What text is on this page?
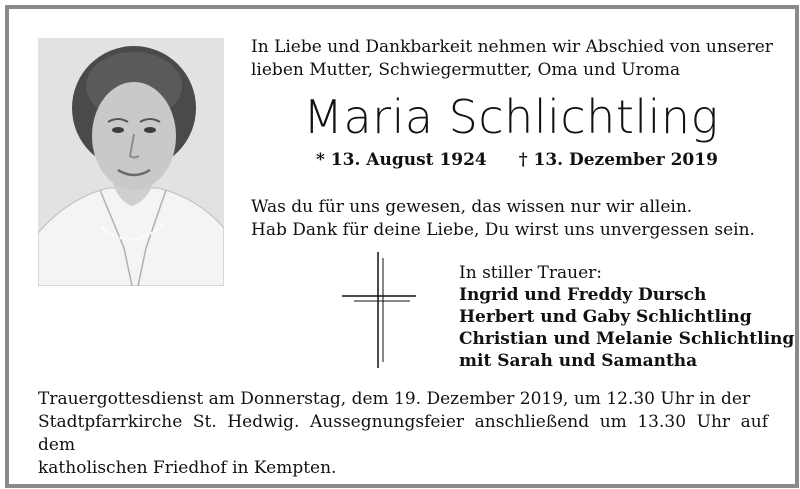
In Liebe und Dankbarkeit nehmen wir Abschied von unserer
lieben Mutter, Schwiegermutter, Oma und Uroma
Maria Schlichtling
* 13. August 1924 † 13. Dezember 2019
Was du für uns gewesen, das wissen nur wir allein.
Hab Dank für deine Liebe, Du wirst uns unvergessen sein.
In stiller Trauer:
Ingrid und Freddy Dursch
Herbert und Gaby Schlichtling
Christian und Melanie Schlichtling
mit Sarah und Samantha
Trauergottesdienst am Donnerstag, dem 19. Dezember 2019, um 12.30 Uhr in der
Stadtpfarrkirche St. Hedwig. Aussegnungsfeier anschließend um 13.30 Uhr auf dem
katholischen Friedhof in Kempten.
